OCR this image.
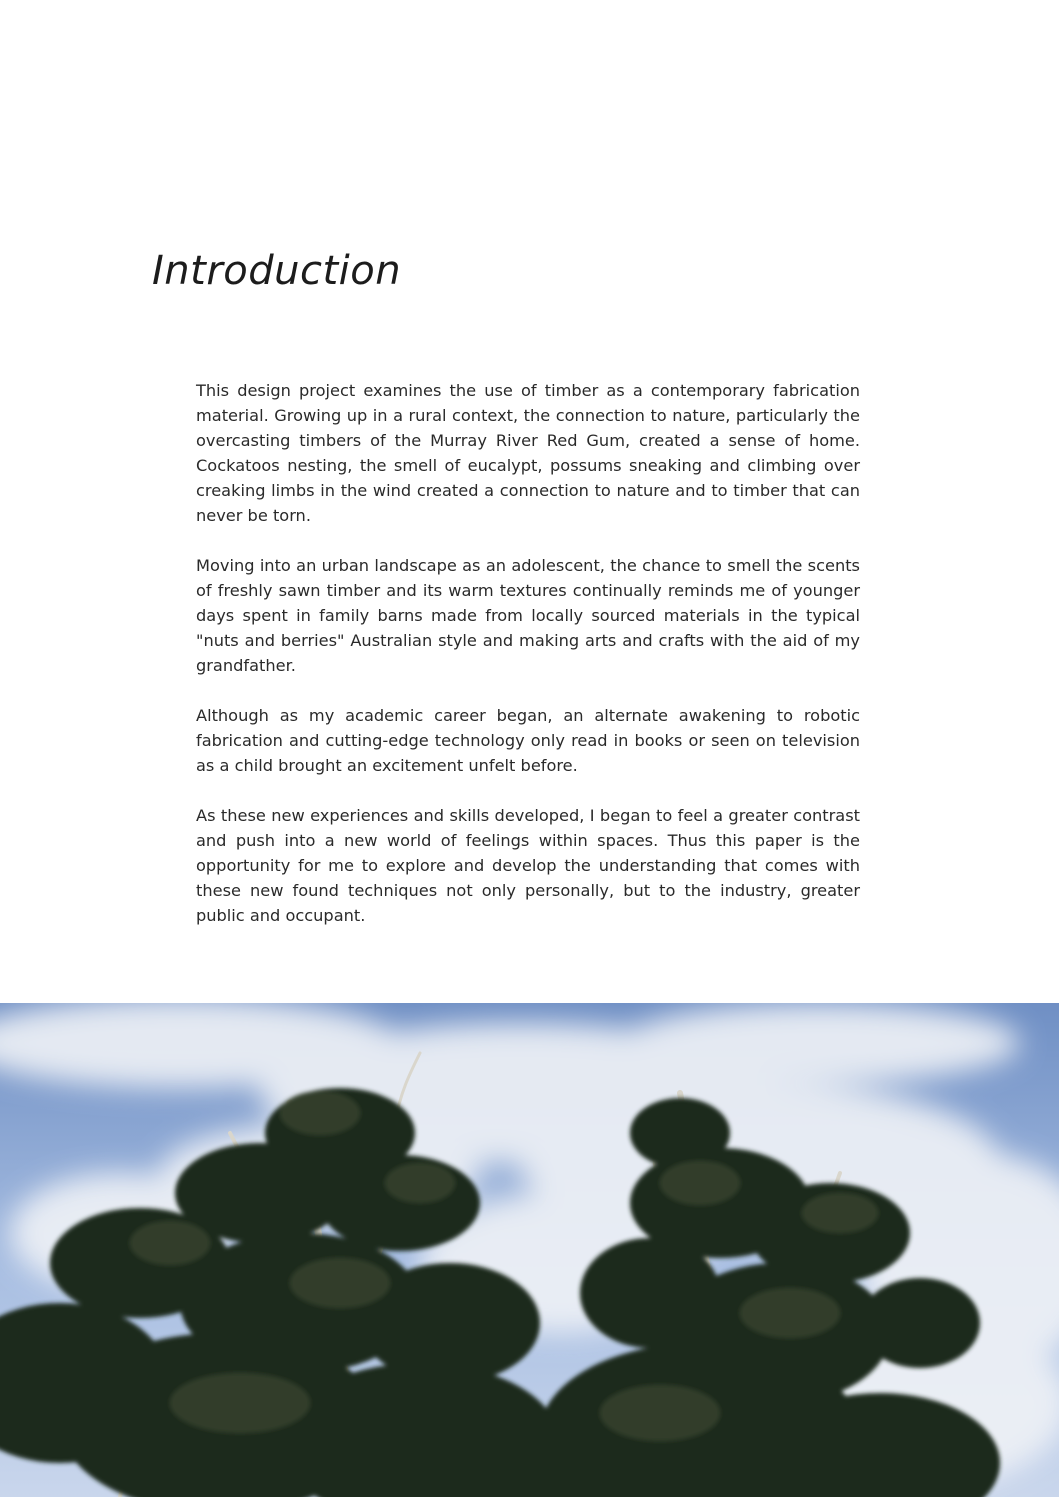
Introduction

This design project examines the use of timber as a contemporary fabrication material. Growing up in a rural context, the connection to nature, particularly the overcasting timbers of the Murray River Red Gum, created a sense of home. Cockatoos nesting, the smell of eucalypt, possums sneaking and climbing over creaking limbs in the wind created a connection to nature and to timber that can never be torn.

Moving into an urban landscape as an adolescent, the chance to smell the scents of freshly sawn timber and its warm textures continually reminds me of younger days spent in family barns made from locally sourced materials in the typical "nuts and berries" Australian style and making arts and crafts with the aid of my grandfather.

Although as my academic career began, an alternate awakening to robotic fabrication and cutting-edge technology only read in books or seen on television as a child brought an excitement unfelt before.

As these new experiences and skills developed, I began to feel a greater contrast and push into a new world of feelings within spaces. Thus this paper is the opportunity for me to explore and develop the understanding that comes with these new found techniques not only personally, but to the industry, greater public and occupant.
